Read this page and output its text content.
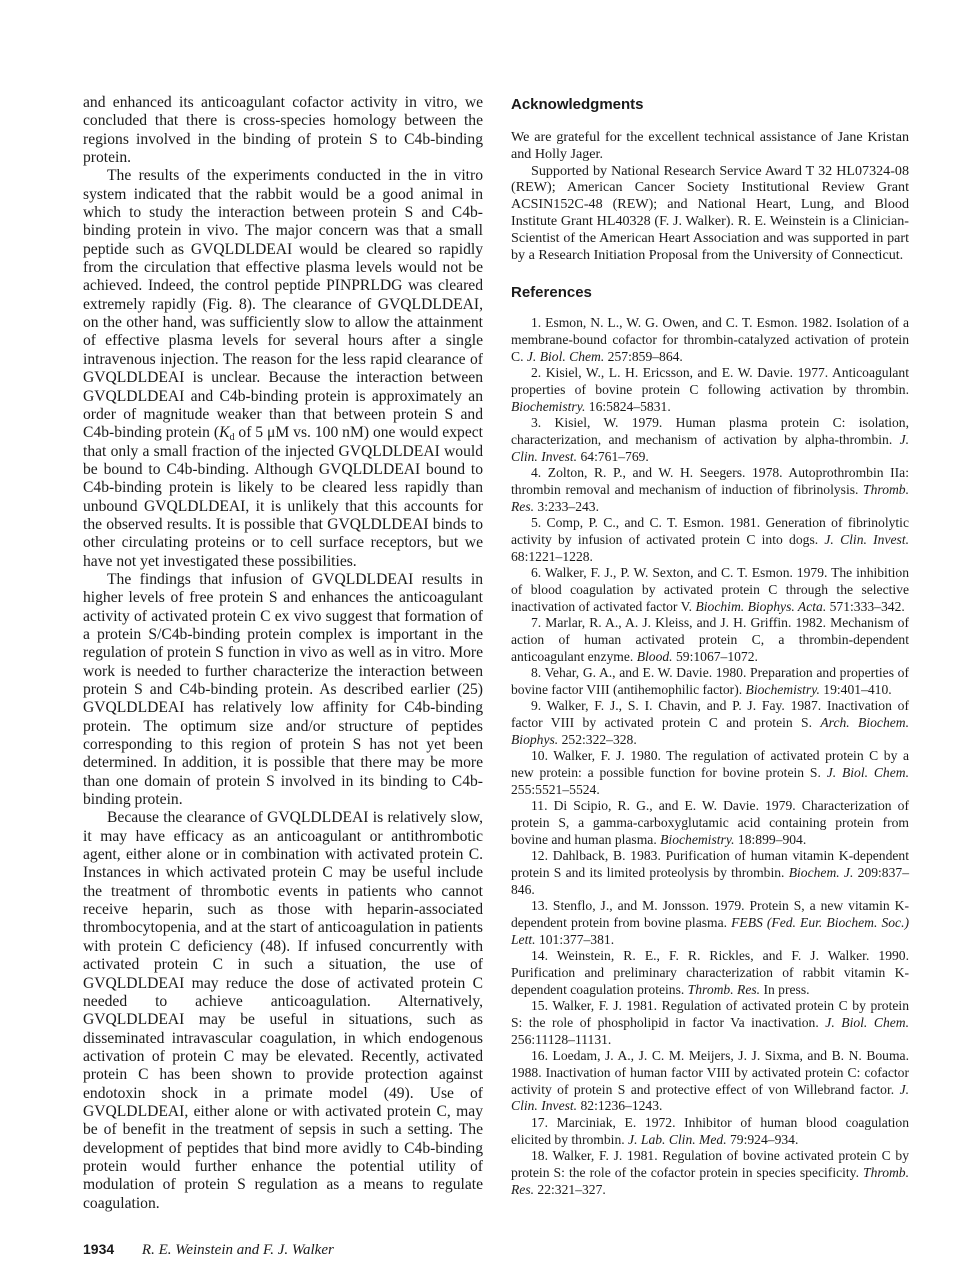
and enhanced its anticoagulant cofactor activity in vitro, we concluded that there is cross-species homology between the regions involved in the binding of protein S to C4b-binding protein.

The results of the experiments conducted in the in vitro system indicated that the rabbit would be a good animal in which to study the interaction between protein S and C4b-binding protein in vivo. The major concern was that a small peptide such as GVQLDLDEAI would be cleared so rapidly from the circulation that effective plasma levels would not be achieved. Indeed, the control peptide PINPRLDG was cleared extremely rapidly (Fig. 8). The clearance of GVQLDLDEAI, on the other hand, was sufficiently slow to allow the attainment of effective plasma levels for several hours after a single intravenous injection. The reason for the less rapid clearance of GVQLDLDEAI is unclear. Because the interaction between GVQLDLDEAI and C4b-binding protein is approximately an order of magnitude weaker than that between protein S and C4b-binding protein ($K_d$ of 5 μM vs. 100 nM) one would expect that only a small fraction of the injected GVQLDLDEAI would be bound to C4b-binding. Although GVQLDLDEAI bound to C4b-binding protein is likely to be cleared less rapidly than unbound GVQLDLDEAI, it is unlikely that this accounts for the observed results. It is possible that GVQLDLDEAI binds to other circulating proteins or to cell surface receptors, but we have not yet investigated these possibilities.

The findings that infusion of GVQLDLDEAI results in higher levels of free protein S and enhances the anticoagulant activity of activated protein C ex vivo suggest that formation of a protein S/C4b-binding protein complex is important in the regulation of protein S function in vivo as well as in vitro. More work is needed to further characterize the interaction between protein S and C4b-binding protein. As described earlier (25) GVQLDLDEAI has relatively low affinity for C4b-binding protein. The optimum size and/or structure of peptides corresponding to this region of protein S has not yet been determined. In addition, it is possible that there may be more than one domain of protein S involved in its binding to C4b-binding protein.

Because the clearance of GVQLDLDEAI is relatively slow, it may have efficacy as an anticoagulant or antithrombotic agent, either alone or in combination with activated protein C. Instances in which activated protein C may be useful include the treatment of thrombotic events in patients who cannot receive heparin, such as those with heparin-associated thrombocytopenia, and at the start of anticoagulation in patients with protein C deficiency (48). If infused concurrently with activated protein C in such a situation, the use of GVQLDLDEAI may reduce the dose of activated protein C needed to achieve anticoagulation. Alternatively, GVQLDLDEAI may be useful in situations, such as disseminated intravascular coagulation, in which endogenous activation of protein C may be elevated. Recently, activated protein C has been shown to provide protection against endotoxin shock in a primate model (49). Use of GVQLDLDEAI, either alone or with activated protein C, may be of benefit in the treatment of sepsis in such a setting. The development of peptides that bind more avidly to C4b-binding protein would further enhance the potential utility of modulation of protein S regulation as a means to regulate coagulation.

Acknowledgments

We are grateful for the excellent technical assistance of Jane Kristan and Holly Jager.

Supported by National Research Service Award T 32 HL07324-08 (REW); American Cancer Society Institutional Review Grant ACSIN152C-48 (REW); and National Heart, Lung, and Blood Institute Grant HL40328 (F. J. Walker). R. E. Weinstein is a Clinician-Scientist of the American Heart Association and was supported in part by a Research Initiation Proposal from the University of Connecticut.

References

1. Esmon, N. L., W. G. Owen, and C. T. Esmon. 1982. Isolation of a membrane-bound cofactor for thrombin-catalyzed activation of protein C. J. Biol. Chem. 257:859–864.

2. Kisiel, W., L. H. Ericsson, and E. W. Davie. 1977. Anticoagulant properties of bovine protein C following activation by thrombin. Biochemistry. 16:5824–5831.

3. Kisiel, W. 1979. Human plasma protein C: isolation, characterization, and mechanism of activation by alpha-thrombin. J. Clin. Invest. 64:761–769.

4. Zolton, R. P., and W. H. Seegers. 1978. Autoprothrombin IIa: thrombin removal and mechanism of induction of fibrinolysis. Thromb. Res. 3:233–243.

5. Comp, P. C., and C. T. Esmon. 1981. Generation of fibrinolytic activity by infusion of activated protein C into dogs. J. Clin. Invest. 68:1221–1228.

6. Walker, F. J., P. W. Sexton, and C. T. Esmon. 1979. The inhibition of blood coagulation by activated protein C through the selective inactivation of activated factor V. Biochim. Biophys. Acta. 571:333–342.

7. Marlar, R. A., A. J. Kleiss, and J. H. Griffin. 1982. Mechanism of action of human activated protein C, a thrombin-dependent anticoagulant enzyme. Blood. 59:1067–1072.

8. Vehar, G. A., and E. W. Davie. 1980. Preparation and properties of bovine factor VIII (antihemophilic factor). Biochemistry. 19:401–410.

9. Walker, F. J., S. I. Chavin, and P. J. Fay. 1987. Inactivation of factor VIII by activated protein C and protein S. Arch. Biochem. Biophys. 252:322–328.

10. Walker, F. J. 1980. The regulation of activated protein C by a new protein: a possible function for bovine protein S. J. Biol. Chem. 255:5521–5524.

11. Di Scipio, R. G., and E. W. Davie. 1979. Characterization of protein S, a gamma-carboxyglutamic acid containing protein from bovine and human plasma. Biochemistry. 18:899–904.

12. Dahlback, B. 1983. Purification of human vitamin K-dependent protein S and its limited proteolysis by thrombin. Biochem. J. 209:837–846.

13. Stenflo, J., and M. Jonsson. 1979. Protein S, a new vitamin K-dependent protein from bovine plasma. FEBS (Fed. Eur. Biochem. Soc.) Lett. 101:377–381.

14. Weinstein, R. E., F. R. Rickles, and F. J. Walker. 1990. Purification and preliminary characterization of rabbit vitamin K-dependent coagulation proteins. Thromb. Res. In press.

15. Walker, F. J. 1981. Regulation of activated protein C by protein S: the role of phospholipid in factor Va inactivation. J. Biol. Chem. 256:11128–11131.

16. Loedam, J. A., J. C. M. Meijers, J. J. Sixma, and B. N. Bouma. 1988. Inactivation of human factor VIII by activated protein C: cofactor activity of protein S and protective effect of von Willebrand factor. J. Clin. Invest. 82:1236–1243.

17. Marciniak, E. 1972. Inhibitor of human blood coagulation elicited by thrombin. J. Lab. Clin. Med. 79:924–934.

18. Walker, F. J. 1981. Regulation of bovine activated protein C by protein S: the role of the cofactor protein in species specificity. Thromb. Res. 22:321–327.

1934 R. E. Weinstein and F. J. Walker
